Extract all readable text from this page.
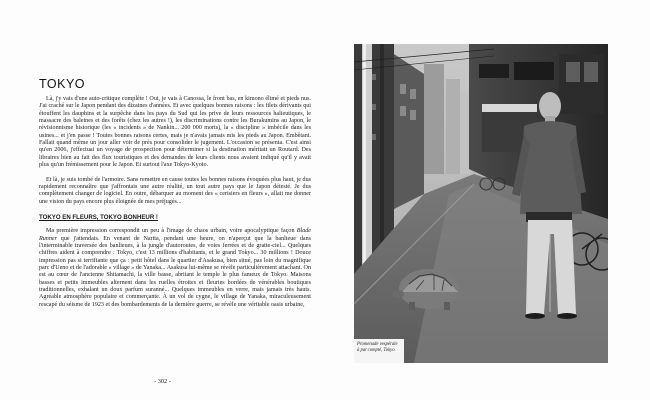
TOKYO

Là, j'y vais d'une auto-critique complète ! Oui, je vais à Canossa, le front bas, en kimono élimé et pieds nus. J'ai craché sur le Japon pendant des dizaines d'années. Et avec quelques bonnes raisons : les filets dérivants qui étouffent les dauphins et la surpêche dans les pays du Sud qui les prive de leurs ressources halieutiques, le massacre des baleines et des forêts (chez les autres !), les discriminations contre les Burakumins au Japon, le révisionnisme historique (les « incidents » de Nankin... 200 000 morts), la « discipline » imbécile dans les usines... et j'en passe ! Toutes bonnes raisons certes, mais je n'avais jamais mis les pieds au Japon. Embêtant. Fallait quand même un jour aller voir de près pour consolider le jugement. L'occasion se présenta. C'est ainsi qu'en 2006, j'effectuai un voyage de prospection pour déterminer si la destination méritait un Routard. Des libraires bien au fait des flux touristiques et des demandes de leurs clients nous avaient indiqué qu'il y avait plus qu'un frémissement pour le Japon. Et surtout l'axe Tokyo-Kyoto.

Et là, je suis tombé de l'armoire. Sans remettre en cause toutes les bonnes raisons évoquées plus haut, je dus rapidement reconnaître que j'affrontais une autre réalité, un tout autre pays que le Japon détesté. Je dus complètement changer de logiciel. En outre, débarquer au moment des « cerisiers en fleurs », allait me donner une vision du pays encore plus éloignée de mes préjugés...

TOKYO EN FLEURS, TOKYO BONHEUR !

Ma première impression correspondit un peu à l'image de chaos urbain, voire apocalyptique façon Blade Runner que j'attendais. En venant de Narita, pendant une heure, on n'aperçut que la banlieue dans l'interminable traversée des banlieues, à la jungle d'autoroutes, de voies ferrées et de gratte-ciel... Quelques chiffres aident à comprendre : Tokyo, c'est 13 millions d'habitants, et le grand Tokyo... 30 millions ! Douce impression pas si terrifiante que ça : petit hôtel dans le quartier d'Asakusa, bien situé, pas loin du magnifique parc d'Ueno et de l'adorable « village » de Yanaka... Asakusa lui-même se révèle particulièrement attachant. On est au cœur de l'ancienne Shitamachi, la ville basse, abritant le temple le plus fameux de Tokyo. Maisons basses et petits immeubles alternent dans les ruelles étroites et fleuries bordées de vénérables boutiques traditionnelles, exhalant un doux parfum suranné... Quelques immeubles en verre, mais jamais très hauts. Agréable atmosphère populaire et commerçante. À un vol de cygne, le village de Yanaka, miraculeusement rescapé du séisme de 1923 et des bombardements de la dernière guerre, se révèle une véritable oasis urbaine,

- 302 -
Promenade vespérale
à pat compté, Tokyo
